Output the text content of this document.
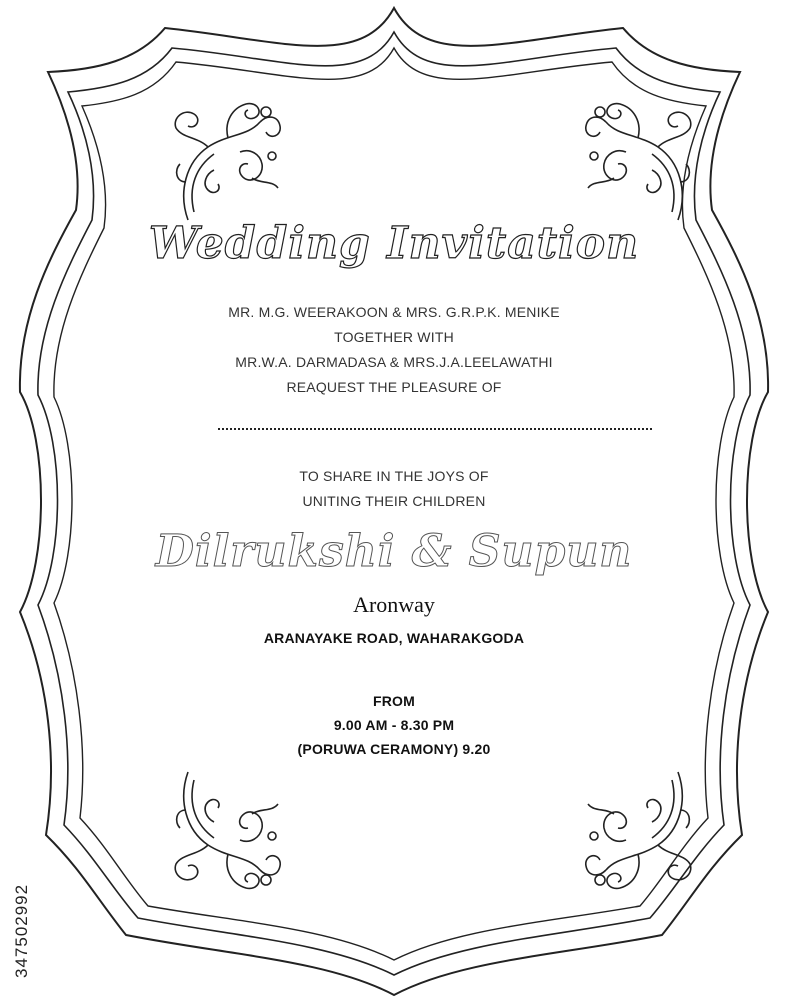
Wedding Invitation
MR. M.G. WEERAKOON & MRS. G.R.P.K. MENIKE
TOGETHER WITH
MR.W.A. DARMADASA & MRS.J.A.LEELAWATHI
REAQUEST THE PLEASURE OF
TO SHARE IN THE JOYS OF
UNITING THEIR CHILDREN
Dilrukshi & Supun
Aronway
ARANAYAKE ROAD, WAHARAKGODA
FROM
9.00 AM - 8.30 PM
(PORUWA CERAMONY) 9.20
347502992
